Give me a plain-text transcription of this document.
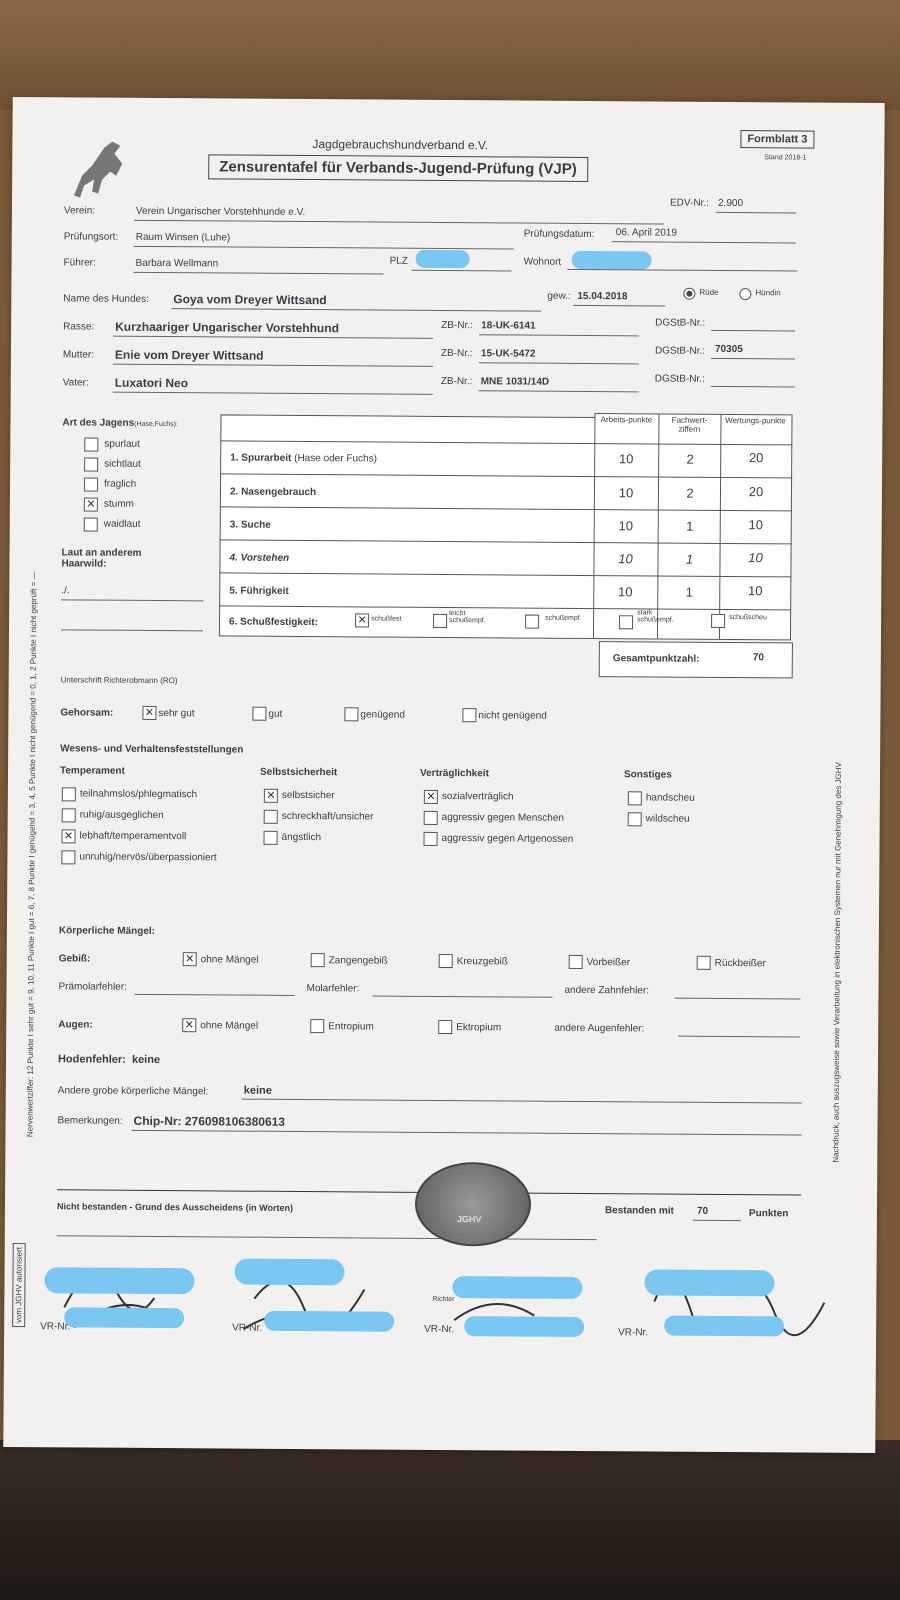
Jagdgebrauchshundverband e.V.
Zensurentafel für Verbands-Jugend-Prüfung (VJP)
Formblatt 3
Stand 2018-1
EDV-Nr.: 2.900
Verein:	Verein Ungarischer Vorstehhunde e.V.
Prüfungsort: Raum Winsen (Luhe)	Prüfungsdatum: 06. April 2019
Führer:	Barbara Wellmann	PLZ	Wohnort
Name des Hundes: Goya vom Dreyer Wittsand	gew.: 15.04.2018	Rüde	Hündin
Rasse: Kurzhaariger Ungarischer Vorstehhund	ZB-Nr.: 18-UK-6141	DGStB-Nr.:
Mutter: Enie vom Dreyer Wittsand	ZB-Nr.: 15-UK-5472	DGStB-Nr.: 70305
Vater: Luxatori Neo	ZB-Nr.: MNE 1031/14D	DGStB-Nr.:
Art des Jagens(Hase,Fuchs):
spurlaut
sichtlaut
fraglich
✕ stumm
waidlaut
Laut an anderem Haarwild:
./.
Arbeits-punkte	Fachwert-ziffern
Wertungs-punkte
1. Spurarbeit (Hase oder Fuchs)	10	2	20
2. Nasengebrauch	10	2	20
3. Suche	10	1	10
4. Vorstehen	10	1	10
5. Führigkeit	10	1	10
6. Schußfestigkeit:	✕ schußfest
leicht schußempf.	schußempf.
stark schußempf.	schußscheu
Gesamtpunktzahl:	70
Unterschrift Richterobmann (RO)
Gehorsam:	✕ sehr gut	gut	genügend	nicht genügend
Wesens- und Verhaltensfeststellungen
Temperament	Selbstsicherheit	Verträglichkeit	Sonstiges
teilnahmslos/phlegmatisch
ruhig/ausgeglichen
✕ lebhaft/temperamentvoll
unruhig/nervös/überpassioniert
✕ selbstsicher
schreckhaft/unsicher
ängstlich
✕ sozialverträglich
aggressiv gegen Menschen
aggressiv gegen Artgenossen
handscheu
wildscheu
Körperliche Mängel:
Gebiß:	✕ ohne Mängel	Zangengebiß	Kreuzgebiß	Vorbeißer	Rückbeißer
Prämolarfehler:	Molarfehler:	andere Zahnfehler:
Augen:	✕ ohne Mängel	Entropium	Ektropium	andere Augenfehler:
Hodenfehler: keine
Andere grobe körperliche Mängel:	keine
Bemerkungen: Chip-Nr: 276098106380613
Nicht bestanden - Grund des Ausscheidens (in Worten)	Bestanden mit 70	Punkten
JGHV
Richter
VR-Nr.	VR-Nr.	VR-Nr.	VR-Nr.
Nervenwertziffer: 12 Punkte I sehr gut = 9, 10, 11 Punkte I gut = 6, 7, 8 Punkte I genügend = 3, 4, 5 Punkte I nicht genügend = 0, 1, 2 Punkte I nicht geprüft = —	Nachdruck, auch auszugsweise sowie Verarbeitung in elektronischen Systemen nur mit Genehmigung des JGHV
vom JGHV autorisiert
